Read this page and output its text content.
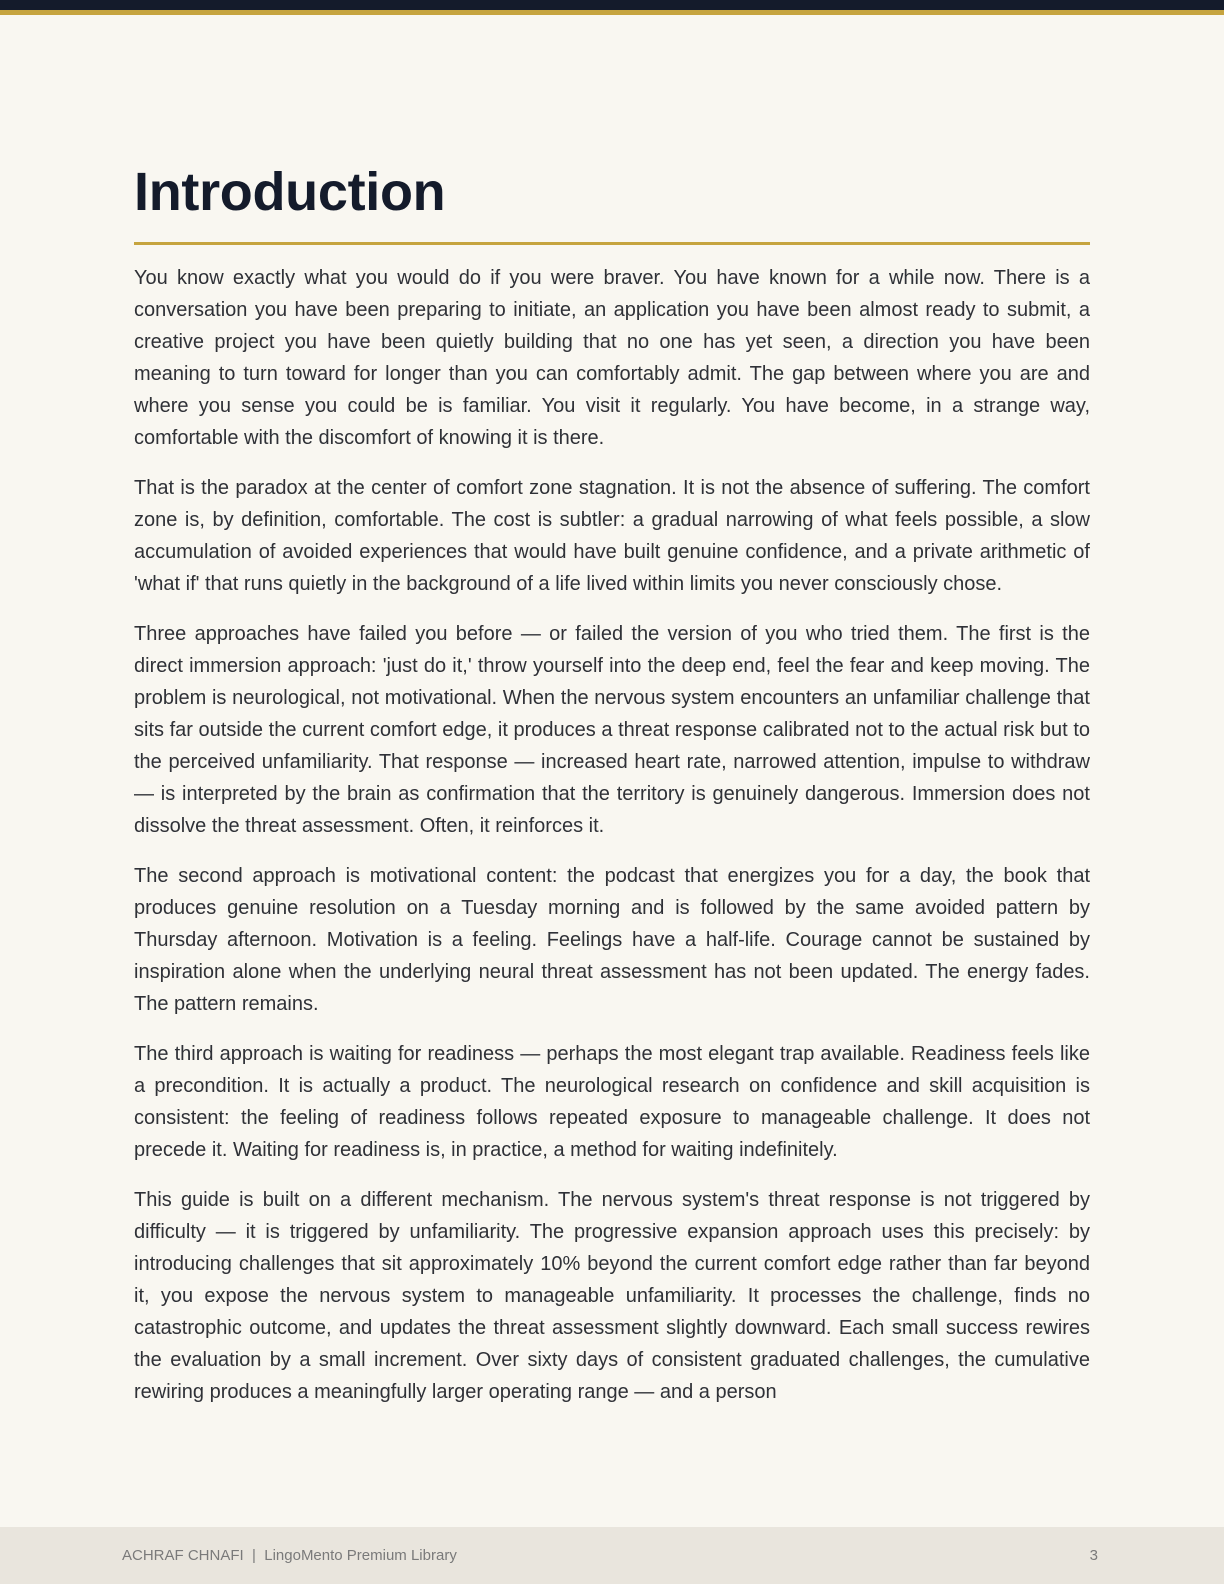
Introduction

You know exactly what you would do if you were braver. You have known for a while now. There is a conversation you have been preparing to initiate, an application you have been almost ready to submit, a creative project you have been quietly building that no one has yet seen, a direction you have been meaning to turn toward for longer than you can comfortably admit. The gap between where you are and where you sense you could be is familiar. You visit it regularly. You have become, in a strange way, comfortable with the discomfort of knowing it is there.

That is the paradox at the center of comfort zone stagnation. It is not the absence of suffering. The comfort zone is, by definition, comfortable. The cost is subtler: a gradual narrowing of what feels possible, a slow accumulation of avoided experiences that would have built genuine confidence, and a private arithmetic of 'what if' that runs quietly in the background of a life lived within limits you never consciously chose.

Three approaches have failed you before — or failed the version of you who tried them. The first is the direct immersion approach: 'just do it,' throw yourself into the deep end, feel the fear and keep moving. The problem is neurological, not motivational. When the nervous system encounters an unfamiliar challenge that sits far outside the current comfort edge, it produces a threat response calibrated not to the actual risk but to the perceived unfamiliarity. That response — increased heart rate, narrowed attention, impulse to withdraw — is interpreted by the brain as confirmation that the territory is genuinely dangerous. Immersion does not dissolve the threat assessment. Often, it reinforces it.

The second approach is motivational content: the podcast that energizes you for a day, the book that produces genuine resolution on a Tuesday morning and is followed by the same avoided pattern by Thursday afternoon. Motivation is a feeling. Feelings have a half-life. Courage cannot be sustained by inspiration alone when the underlying neural threat assessment has not been updated. The energy fades. The pattern remains.

The third approach is waiting for readiness — perhaps the most elegant trap available. Readiness feels like a precondition. It is actually a product. The neurological research on confidence and skill acquisition is consistent: the feeling of readiness follows repeated exposure to manageable challenge. It does not precede it. Waiting for readiness is, in practice, a method for waiting indefinitely.

This guide is built on a different mechanism. The nervous system's threat response is not triggered by difficulty — it is triggered by unfamiliarity. The progressive expansion approach uses this precisely: by introducing challenges that sit approximately 10% beyond the current comfort edge rather than far beyond it, you expose the nervous system to manageable unfamiliarity. It processes the challenge, finds no catastrophic outcome, and updates the threat assessment slightly downward. Each small success rewires the evaluation by a small increment. Over sixty days of consistent graduated challenges, the cumulative rewiring produces a meaningfully larger operating range — and a person

ACHRAF CHNAFI  |  LingoMento Premium Library	3
